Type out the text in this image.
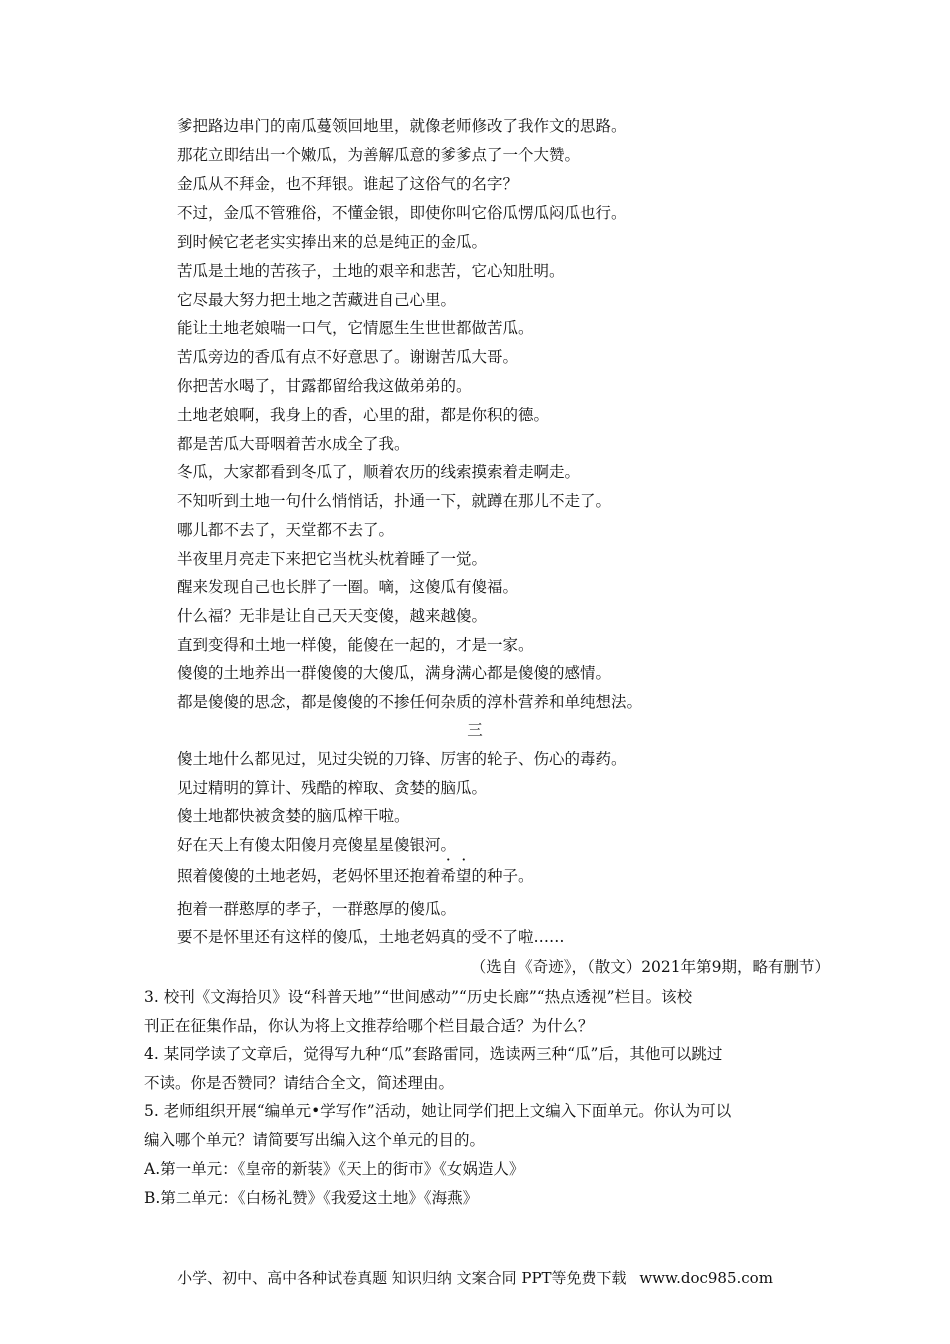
爹把路边串门的南瓜蔓领回地里，就像老师修改了我作文的思路。
那花立即结出一个嫩瓜，为善解瓜意的爹爹点了一个大赞。
金瓜从不拜金，也不拜银。谁起了这俗气的名字？
不过，金瓜不管雅俗，不懂金银，即使你叫它俗瓜愣瓜闷瓜也行。
到时候它老老实实捧出来的总是纯正的金瓜。
苦瓜是土地的苦孩子，土地的艰辛和悲苦，它心知肚明。
它尽最大努力把土地之苦藏进自己心里。
能让土地老娘喘一口气，它情愿生生世世都做苦瓜。
苦瓜旁边的香瓜有点不好意思了。谢谢苦瓜大哥。
你把苦水喝了，甘露都留给我这做弟弟的。
土地老娘啊，我身上的香，心里的甜，都是你积的德。
都是苦瓜大哥咽着苦水成全了我。
冬瓜，大家都看到冬瓜了，顺着农历的线索摸索着走啊走。
不知听到土地一句什么悄悄话，扑通一下，就蹲在那儿不走了。
哪儿都不去了，天堂都不去了。
半夜里月亮走下来把它当枕头枕着睡了一觉。
醒来发现自己也长胖了一圈。嘀，这傻瓜有傻福。
什么福？无非是让自己天天变傻，越来越傻。
直到变得和土地一样傻，能傻在一起的，才是一家。
傻傻的土地养出一群傻傻的大傻瓜，满身满心都是傻傻的感情。
都是傻傻的思念，都是傻傻的不掺任何杂质的淳朴营养和单纯想法。
三
傻土地什么都见过，见过尖锐的刀锋、厉害的轮子、伤心的毒药。
见过精明的算计、残酷的榨取、贪婪的脑瓜。
傻土地都快被贪婪的脑瓜榨干啦。
好在天上有傻太阳傻月亮傻星星傻银河。
照着傻傻的土地老妈，老妈怀里还抱着希望的种子。
抱着一群憨厚的孝子，一群憨厚的傻瓜。
要不是怀里还有这样的傻瓜，土地老妈真的受不了啦……
（选自《奇迹》，（散文）2021年第9期，略有删节）
3. 校刊《文海拾贝》设“科普天地”“世间感动”“历史长廊”“热点透视”栏目。该校
刊正在征集作品，你认为将上文推荐给哪个栏目最合适？为什么？
4. 某同学读了文章后，觉得写九种“瓜”套路雷同，选读两三种“瓜”后，其他可以跳过
不读。你是否赞同？请结合全文，简述理由。
5. 老师组织开展“编单元•学写作”活动，她让同学们把上文编入下面单元。你认为可以
编入哪个单元？请简要写出编入这个单元的目的。
A.第一单元：《皇帝的新装》《天上的街市》《女娲造人》
B.第二单元：《白杨礼赞》《我爱这土地》《海燕》
小学、初中、高中各种试卷真题 知识归纳 文案合同 PPT等免费下载 www.doc985.com
